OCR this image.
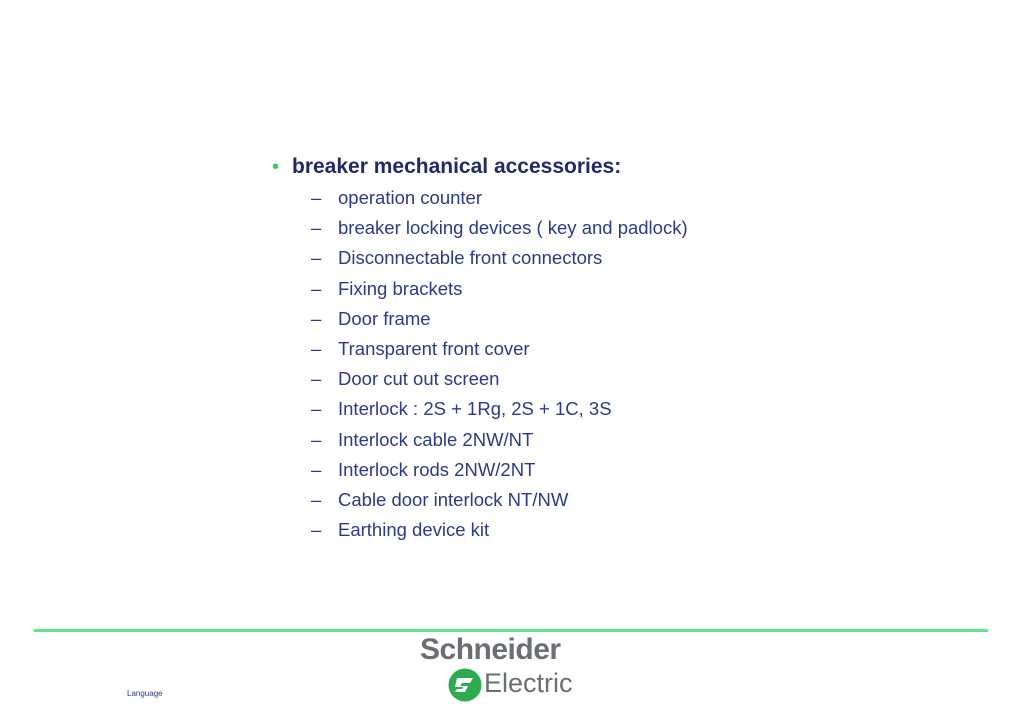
• breaker mechanical accessories:
– operation counter
– breaker locking devices ( key and padlock)
– Disconnectable front connectors
– Fixing brackets
– Door frame
– Transparent front cover
– Door cut out screen
– Interlock : 2S + 1Rg, 2S + 1C, 3S
– Interlock cable 2NW/NT
– Interlock rods 2NW/2NT
– Cable door interlock NT/NW
– Earthing device kit
Language
Schneider
Electric
